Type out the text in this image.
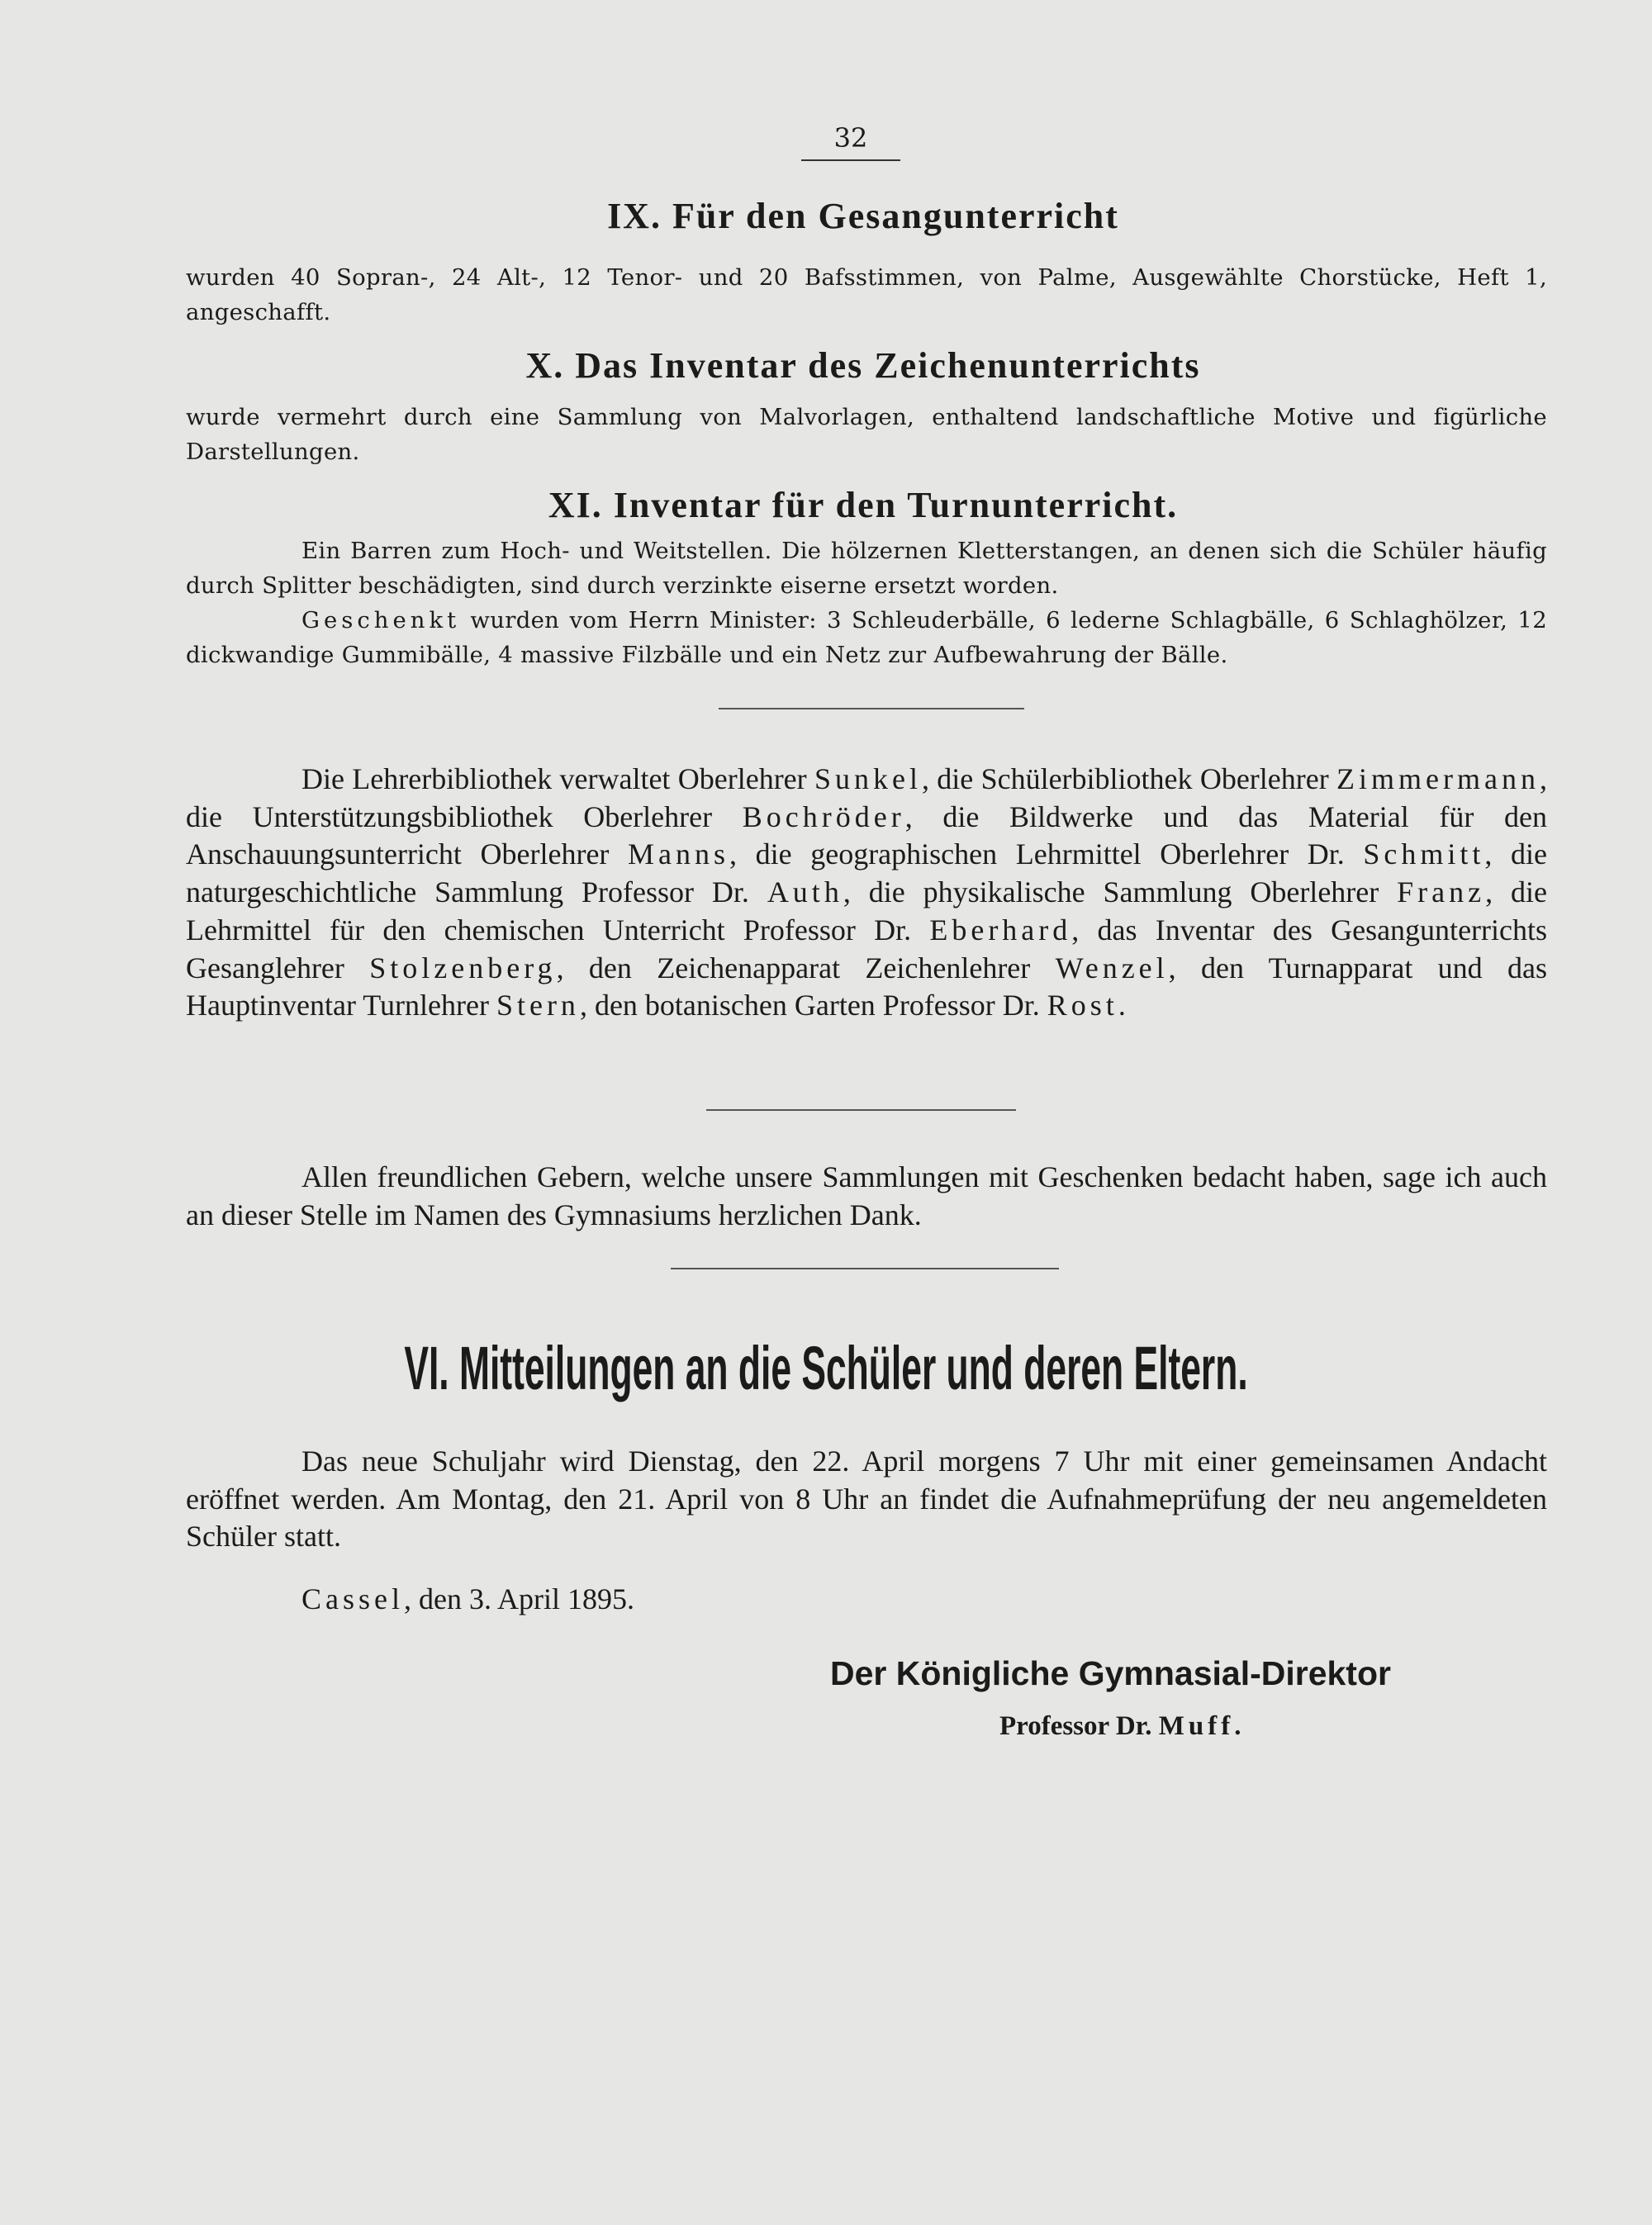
32
IX. Für den Gesangunterricht

wurden 40 Sopran-, 24 Alt-, 12 Tenor- und 20 Bafsstimmen, von Palme, Ausgewählte Chorstücke, Heft 1, angeschafft.

X. Das Inventar des Zeichenunterrichts

wurde vermehrt durch eine Sammlung von Malvorlagen, enthaltend landschaftliche Motive und figürliche Darstellungen.

XI. Inventar für den Turnunterricht.

Ein Barren zum Hoch- und Weitstellen. Die hölzernen Kletterstangen, an denen sich die Schüler häufig durch Splitter beschädigten, sind durch verzinkte eiserne ersetzt worden.

Geschenkt wurden vom Herrn Minister: 3 Schleuderbälle, 6 lederne Schlagbälle, 6 Schlaghölzer, 12 dickwandige Gummibälle, 4 massive Filzbälle und ein Netz zur Aufbewahrung der Bälle.

Die Lehrerbibliothek verwaltet Oberlehrer Sunkel, die Schülerbibliothek Oberlehrer Zimmermann, die Unterstützungsbibliothek Oberlehrer Bochröder, die Bildwerke und das Material für den Anschauungsunterricht Oberlehrer Manns, die geographischen Lehrmittel Oberlehrer Dr. Schmitt, die naturgeschichtliche Sammlung Professor Dr. Auth, die physikalische Sammlung Oberlehrer Franz, die Lehrmittel für den chemischen Unterricht Professor Dr. Eberhard, das Inventar des Gesangunterrichts Gesanglehrer Stolzenberg, den Zeichenapparat Zeichenlehrer Wenzel, den Turnapparat und das Hauptinventar Turnlehrer Stern, den botanischen Garten Professor Dr. Rost.

Allen freundlichen Gebern, welche unsere Sammlungen mit Geschenken bedacht haben, sage ich auch an dieser Stelle im Namen des Gymnasiums herzlichen Dank.

VI. Mitteilungen an die Schüler und deren Eltern.

Das neue Schuljahr wird Dienstag, den 22. April morgens 7 Uhr mit einer gemeinsamen Andacht eröffnet werden. Am Montag, den 21. April von 8 Uhr an findet die Aufnahmeprüfung der neu angemeldeten Schüler statt.

Cassel, den 3. April 1895.
Der Königliche Gymnasial-Direktor
Professor Dr. Muff.
